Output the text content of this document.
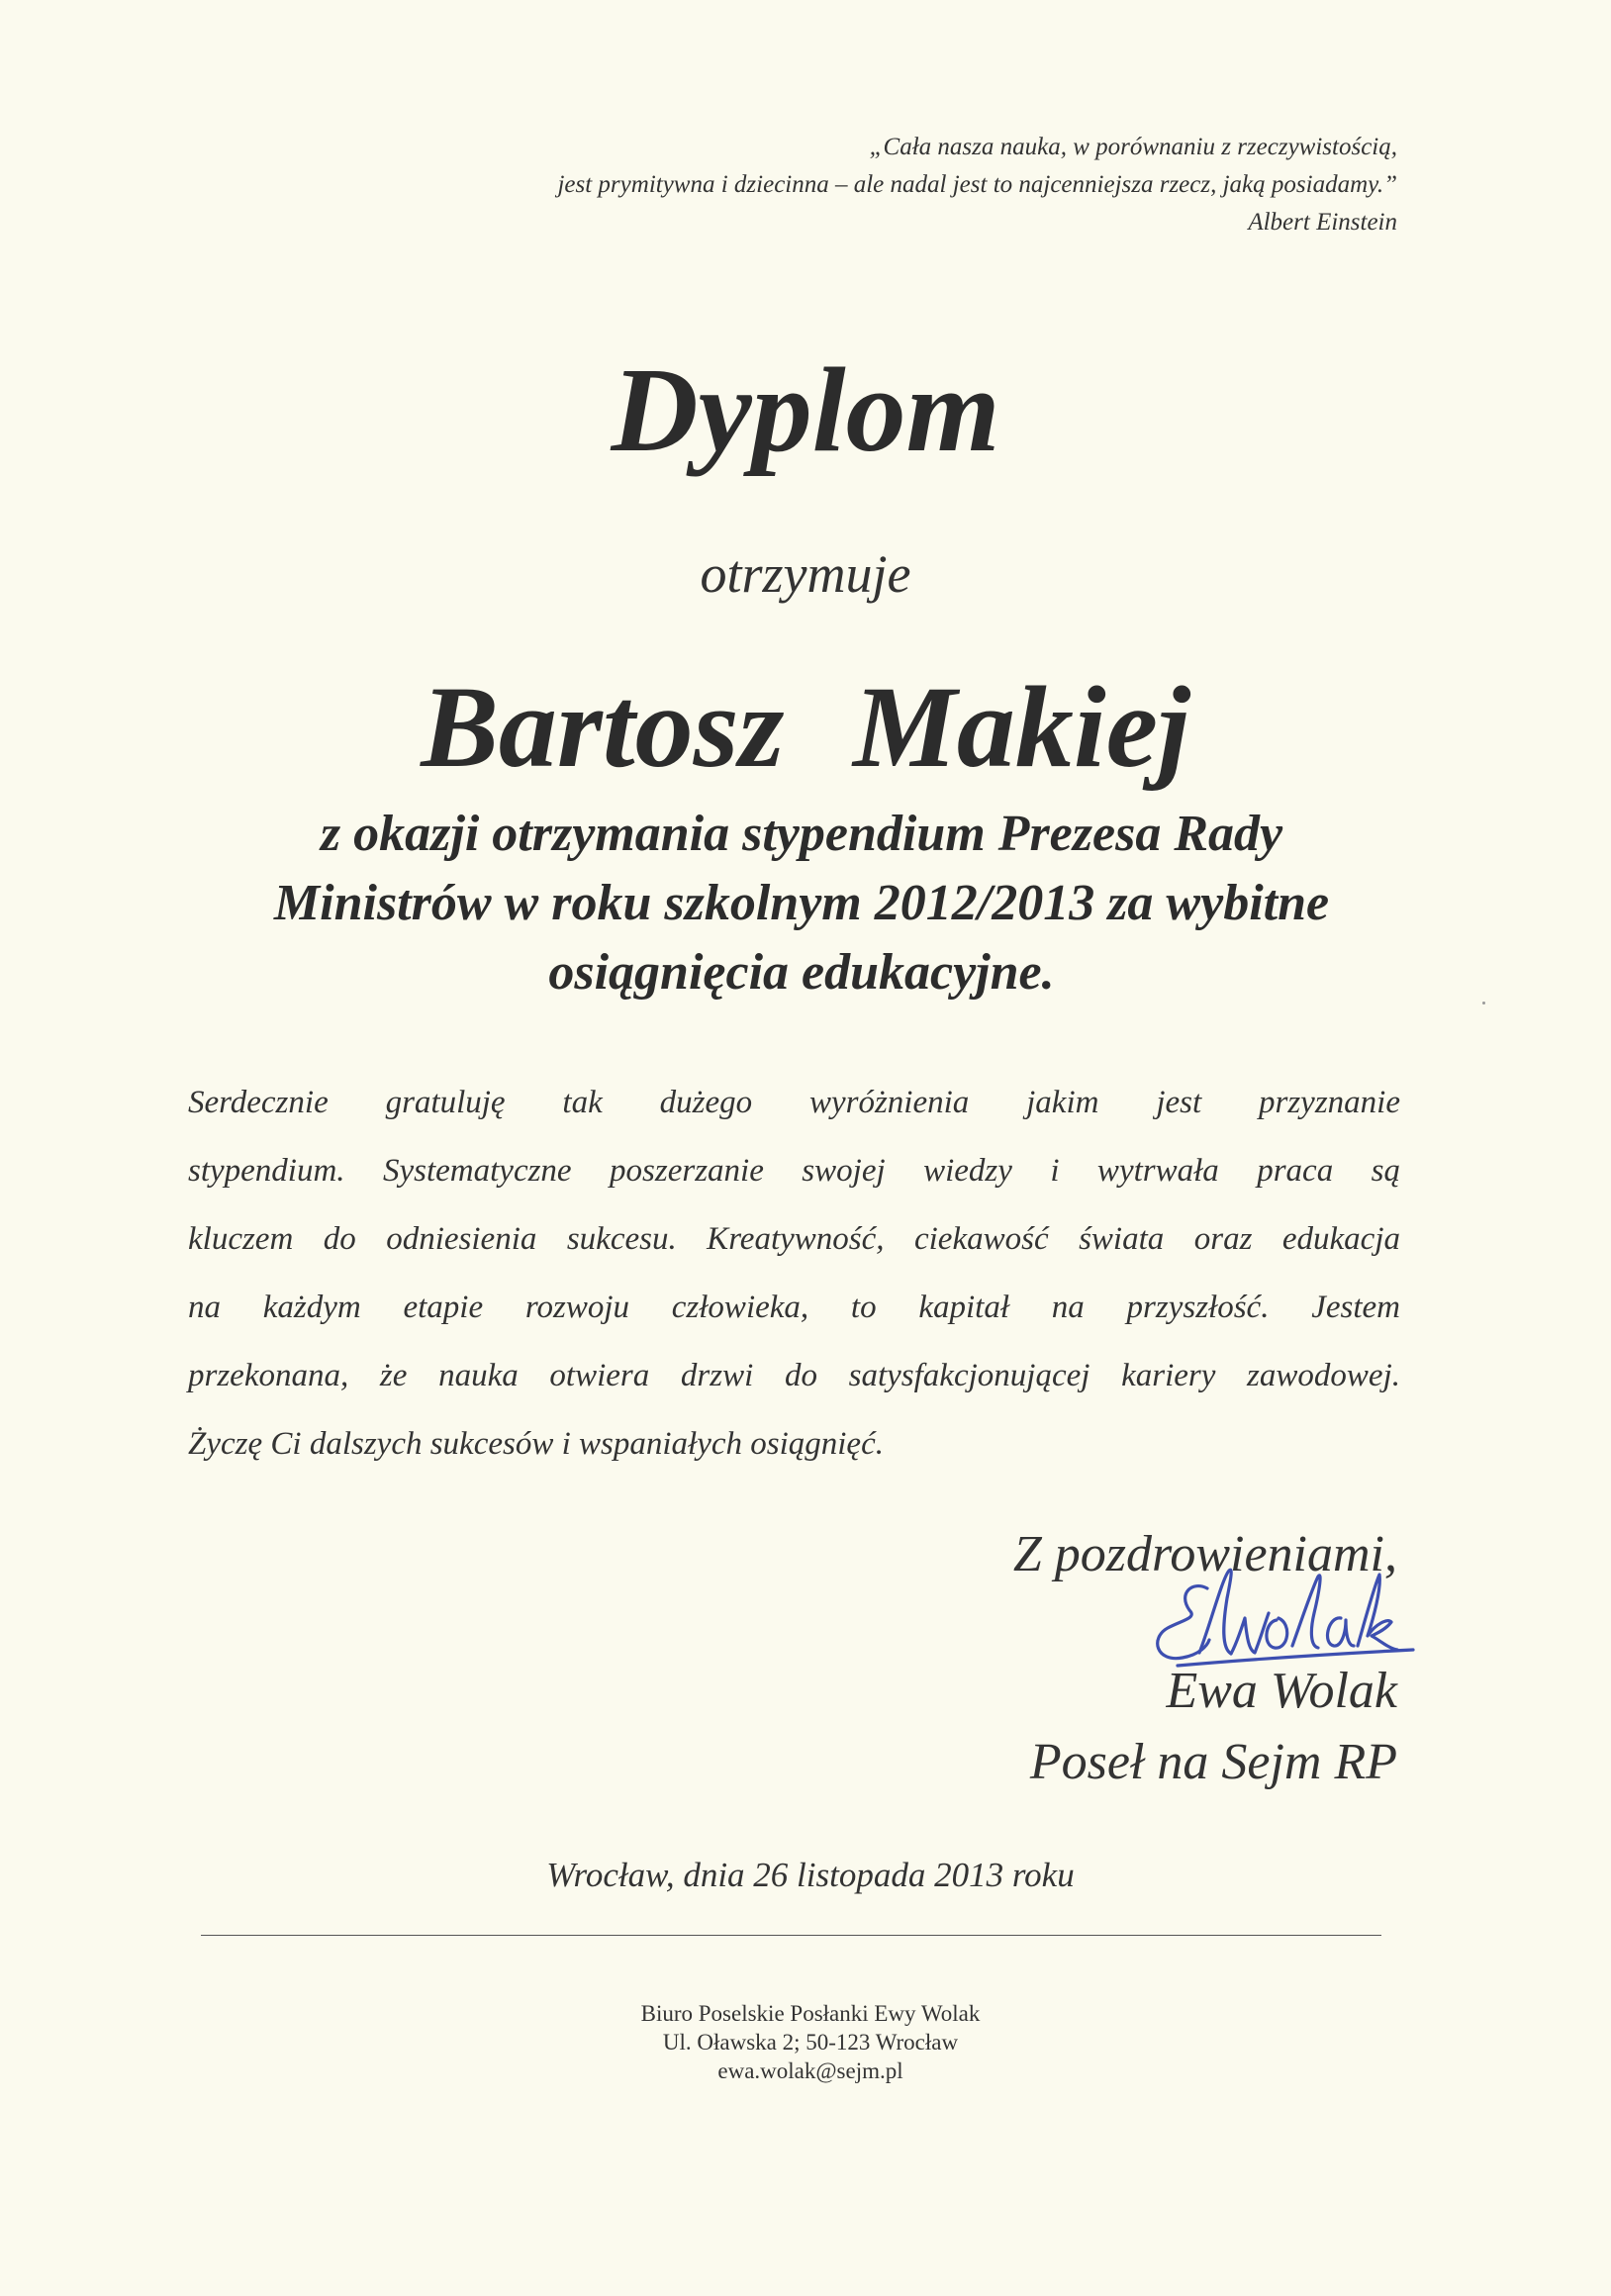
„Cała nasza nauka, w porównaniu z rzeczywistością,
jest prymitywna i dziecinna – ale nadal jest to najcenniejsza rzecz, jaką posiadamy.”
Albert Einstein
Dyplom
otrzymuje
Bartosz Makiej
z okazji otrzymania stypendium Prezesa Rady
Ministrów w roku szkolnym 2012/2013 za wybitne
osiągnięcia edukacyjne.
Serdecznie gratuluję tak dużego wyróżnienia jakim jest przyznanie
stypendium. Systematyczne poszerzanie swojej wiedzy i wytrwała praca są
kluczem do odniesienia sukcesu. Kreatywność, ciekawość świata oraz edukacja
na każdym etapie rozwoju człowieka, to kapitał na przyszłość. Jestem
przekonana, że nauka otwiera drzwi do satysfakcjonującej kariery zawodowej.
Życzę Ci dalszych sukcesów i wspaniałych osiągnięć.
Z pozdrowieniami,
Ewa Wolak
Poseł na Sejm RP
Wrocław, dnia 26 listopada 2013 roku
Biuro Poselskie Posłanki Ewy Wolak
Ul. Oławska 2; 50-123 Wrocław
ewa.wolak@sejm.pl
